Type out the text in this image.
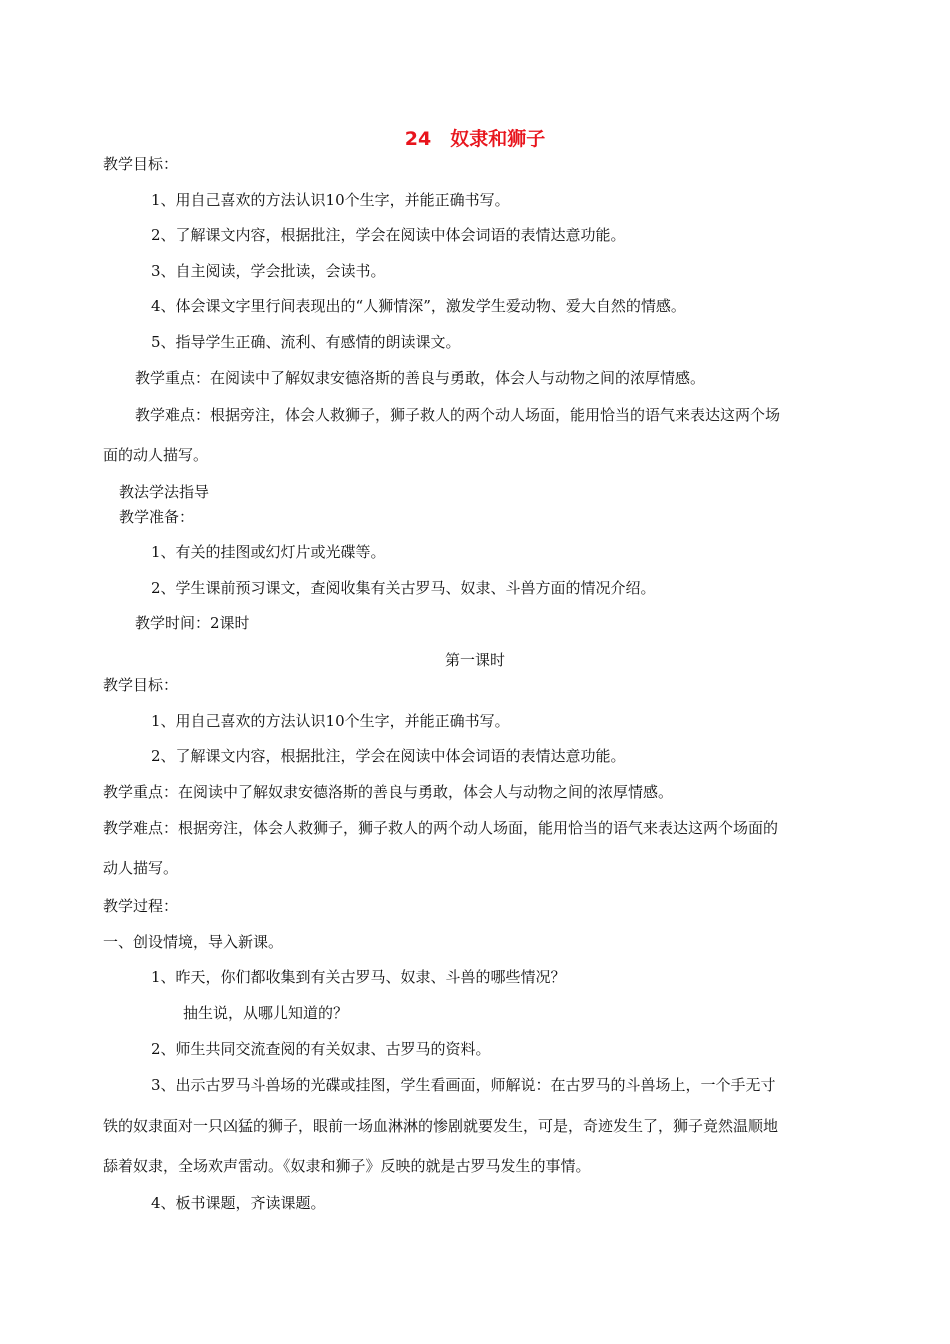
24　奴隶和狮子
教学目标：
1、用自己喜欢的方法认识10个生字，并能正确书写。
2、了解课文内容，根据批注，学会在阅读中体会词语的表情达意功能。
3、自主阅读，学会批读，会读书。
4、体会课文字里行间表现出的“人狮情深”，激发学生爱动物、爱大自然的情感。
5、指导学生正确、流利、有感情的朗读课文。
教学重点：在阅读中了解奴隶安德洛斯的善良与勇敢，体会人与动物之间的浓厚情感。
教学难点：根据旁注，体会人救狮子，狮子救人的两个动人场面，能用恰当的语气来表达这两个场
面的动人描写。
教法学法指导
教学准备：
1、有关的挂图或幻灯片或光碟等。
2、学生课前预习课文，查阅收集有关古罗马、奴隶、斗兽方面的情况介绍。
教学时间：2课时
第一课时
教学目标：
1、用自己喜欢的方法认识10个生字，并能正确书写。
2、了解课文内容，根据批注，学会在阅读中体会词语的表情达意功能。
教学重点：在阅读中了解奴隶安德洛斯的善良与勇敢，体会人与动物之间的浓厚情感。
教学难点：根据旁注，体会人救狮子，狮子救人的两个动人场面，能用恰当的语气来表达这两个场面的
动人描写。
教学过程：
一、创设情境，导入新课。
1、昨天，你们都收集到有关古罗马、奴隶、斗兽的哪些情况？
抽生说，从哪儿知道的？
2、师生共同交流查阅的有关奴隶、古罗马的资料。
3、出示古罗马斗兽场的光碟或挂图，学生看画面，师解说：在古罗马的斗兽场上，一个手无寸
铁的奴隶面对一只凶猛的狮子，眼前一场血淋淋的惨剧就要发生，可是，奇迹发生了，狮子竟然温顺地
舔着奴隶，全场欢声雷动。《奴隶和狮子》反映的就是古罗马发生的事情。
4、板书课题，齐读课题。
